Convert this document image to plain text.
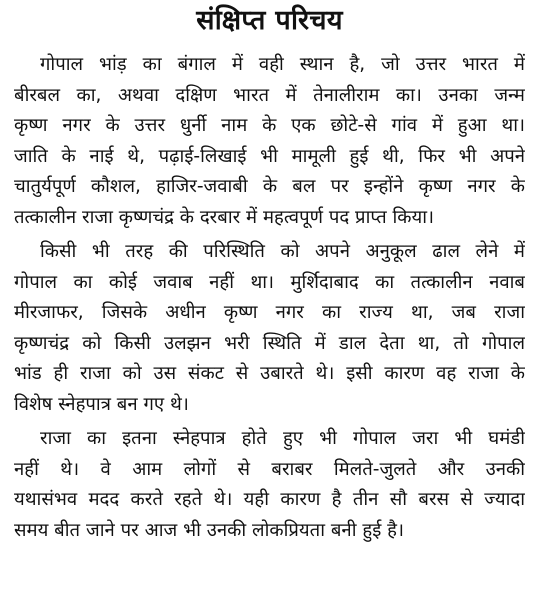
संक्षिप्त परिचय
गोपाल भांड़ का बंगाल में वही स्थान है, जो उत्तर भारत में
बीरबल का, अथवा दक्षिण भारत में तेनालीराम का। उनका जन्म
कृष्ण नगर के उत्तर धुर्नी नाम के एक छोटे-से गांव में हुआ था।
जाति के नाई थे, पढ़ाई-लिखाई भी मामूली हुई थी, फिर भी अपने
चातुर्यपूर्ण कौशल, हाजिर-जवाबी के बल पर इन्होंने कृष्ण नगर के
तत्कालीन राजा कृष्णचंद्र के दरबार में महत्वपूर्ण पद प्राप्त किया।
किसी भी तरह की परिस्थिति को अपने अनुकूल ढाल लेने में
गोपाल का कोई जवाब नहीं था। मुर्शिदाबाद का तत्कालीन नवाब
मीरजाफर, जिसके अधीन कृष्ण नगर का राज्य था, जब राजा
कृष्णचंद्र को किसी उलझन भरी स्थिति में डाल देता था, तो गोपाल
भांड ही राजा को उस संकट से उबारते थे। इसी कारण वह राजा के
विशेष स्नेहपात्र बन गए थे।
राजा का इतना स्नेहपात्र होते हुए भी गोपाल जरा भी घमंडी
नहीं थे। वे आम लोगों से बराबर मिलते-जुलते और उनकी
यथासंभव मदद करते रहते थे। यही कारण है तीन सौ बरस से ज्यादा
समय बीत जाने पर आज भी उनकी लोकप्रियता बनी हुई है।
